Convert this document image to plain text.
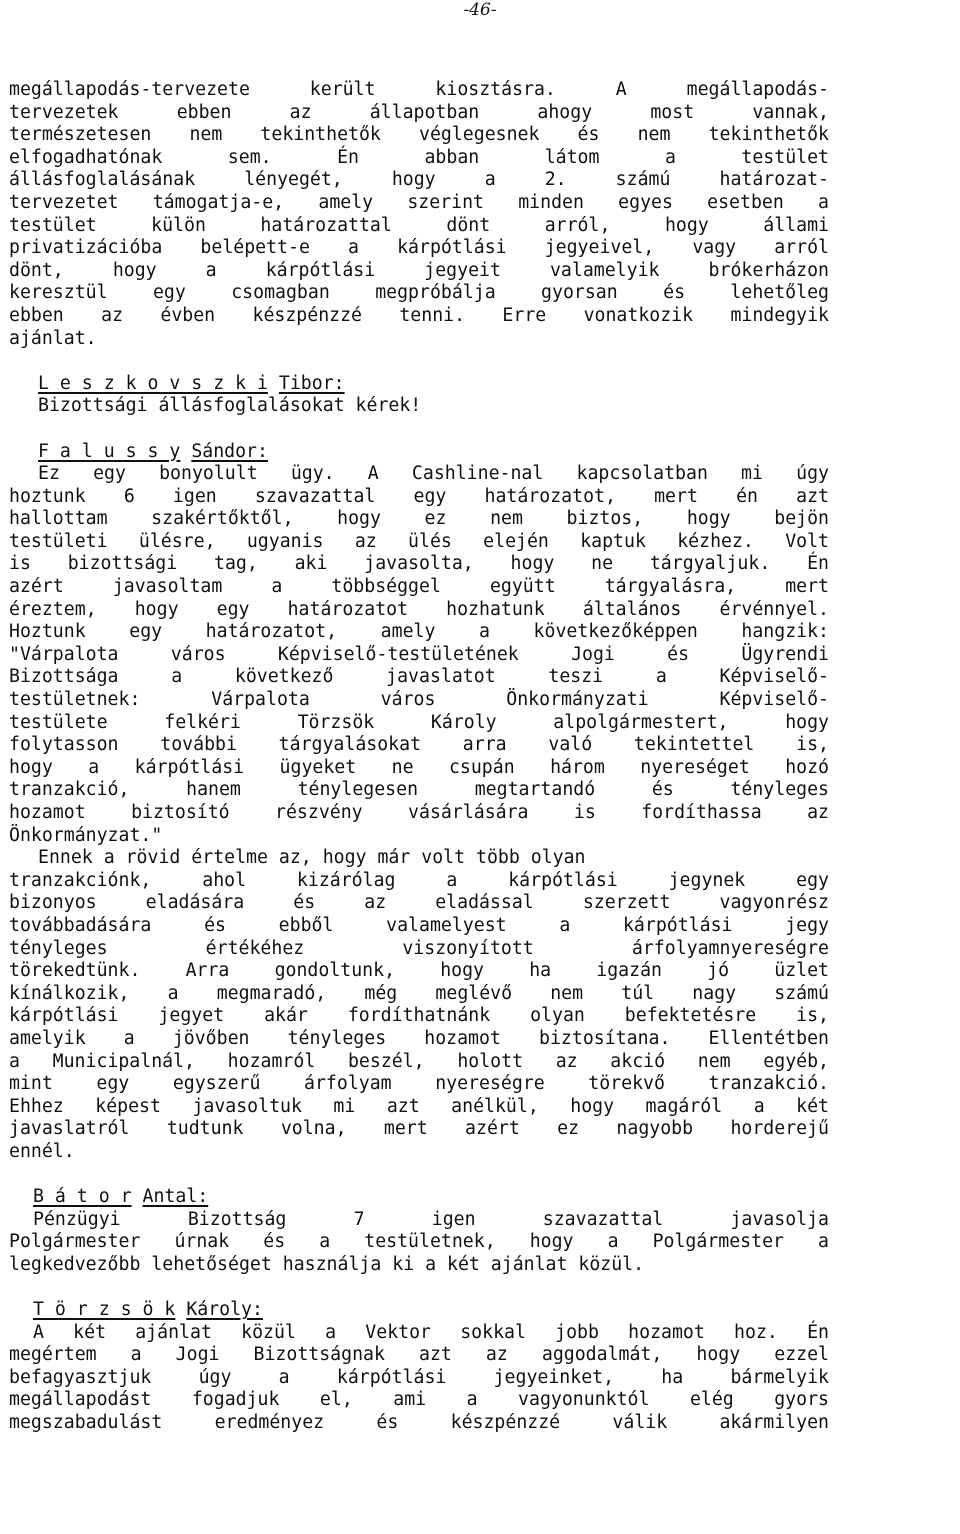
-46-
megállapodás-tervezete került kiosztásra. A megállapodás-
tervezetek ebben az állapotban ahogy most vannak,
természetesen nem tekinthetők véglegesnek és nem tekinthetők
elfogadhatónak sem. Én abban látom a testület
állásfoglalásának lényegét, hogy a 2. számú határozat-
tervezetet támogatja-e, amely szerint minden egyes esetben a
testület külön határozattal dönt arról, hogy állami
privatizációba belépett-e a kárpótlási jegyeivel, vagy arról
dönt, hogy a kárpótlási jegyeit valamelyik brókerházon
keresztül egy csomagban megpróbálja gyorsan és lehetőleg
ebben az évben készpénzzé tenni. Erre vonatkozik mindegyik
ajánlat.
L e s z k o v s z k i Tibor:
Bizottsági állásfoglalásokat kérek!
F a l u s s y Sándor:
Ez egy bonyolult ügy. A Cashline-nal kapcsolatban mi úgy
hoztunk 6 igen szavazattal egy határozatot, mert én azt
hallottam szakértőktől, hogy ez nem biztos, hogy bejön
testületi ülésre, ugyanis az ülés elején kaptuk kézhez. Volt
is bizottsági tag, aki javasolta, hogy ne tárgyaljuk. Én
azért javasoltam a többséggel együtt tárgyalásra, mert
éreztem, hogy egy határozatot hozhatunk általános érvénnyel.
Hoztunk egy határozatot, amely a következőképpen hangzik:
"Várpalota város Képviselő-testületének Jogi és Ügyrendi
Bizottsága a következő javaslatot teszi a Képviselő-
testületnek: Várpalota város Önkormányzati Képviselő-
testülete felkéri Törzsök Károly alpolgármestert, hogy
folytasson további tárgyalásokat arra való tekintettel is,
hogy a kárpótlási ügyeket ne csupán három nyereséget hozó
tranzakció, hanem ténylegesen megtartandó és tényleges
hozamot biztosító részvény vásárlására is fordíthassa az
Önkormányzat."
Ennek a rövid értelme az, hogy már volt több olyan
tranzakciónk, ahol kizárólag a kárpótlási jegynek egy
bizonyos eladására és az eladással szerzett vagyonrész
továbbadására és ebből valamelyest a kárpótlási jegy
tényleges értékéhez viszonyított árfolyamnyereségre
törekedtünk. Arra gondoltunk, hogy ha igazán jó üzlet
kínálkozik, a megmaradó, még meglévő nem túl nagy számú
kárpótlási jegyet akár fordíthatnánk olyan befektetésre is,
amelyik a jövőben tényleges hozamot biztosítana. Ellentétben
a Municipalnál, hozamról beszél, holott az akció nem egyéb,
mint egy egyszerű árfolyam nyereségre törekvő tranzakció.
Ehhez képest javasoltuk mi azt anélkül, hogy magáról a két
javaslatról tudtunk volna, mert azért ez nagyobb horderejű
ennél.
B á t o r Antal:
Pénzügyi Bizottság 7 igen szavazattal javasolja
Polgármester úrnak és a testületnek, hogy a Polgármester a
legkedvezőbb lehetőséget használja ki a két ajánlat közül.
T ö r z s ö k Károly:
A két ajánlat közül a Vektor sokkal jobb hozamot hoz. Én
megértem a Jogi Bizottságnak azt az aggodalmát, hogy ezzel
befagyasztjuk úgy a kárpótlási jegyeinket, ha bármelyik
megállapodást fogadjuk el, ami a vagyonunktól elég gyors
megszabadulást eredményez és készpénzzé válik akármilyen
